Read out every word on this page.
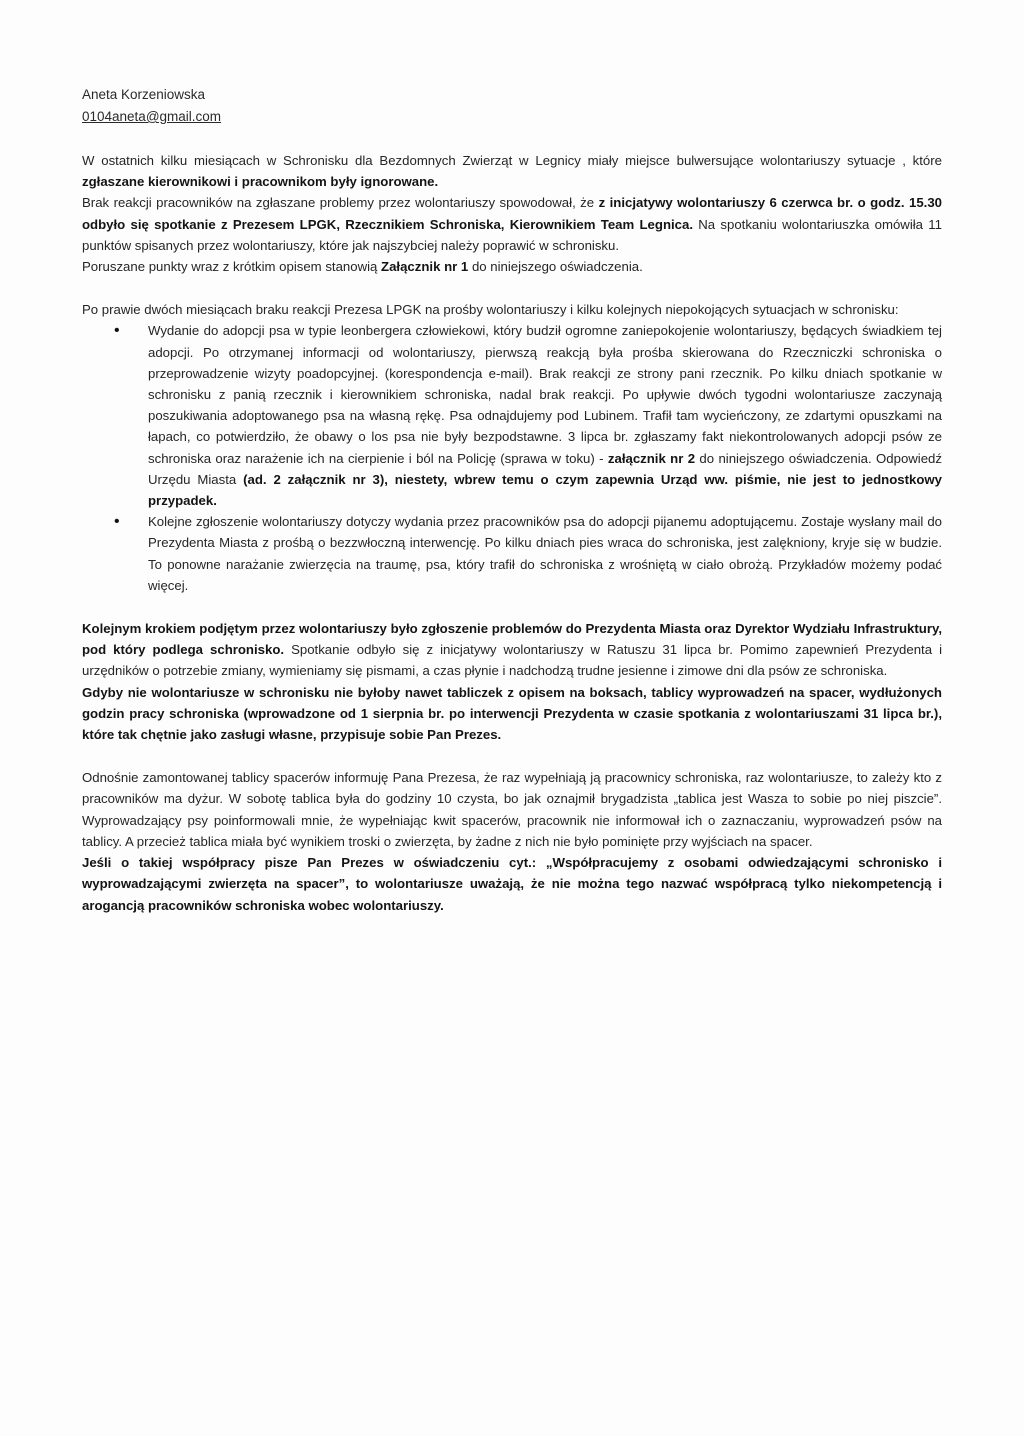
Aneta Korzeniowska
0104aneta@gmail.com

W ostatnich kilku miesiącach w Schronisku dla Bezdomnych Zwierząt w Legnicy miały miejsce bulwersujące wolontariuszy sytuacje , które zgłaszane kierownikowi i pracownikom były ignorowane.

Brak reakcji pracowników na zgłaszane problemy przez wolontariuszy spowodował, że z inicjatywy wolontariuszy 6 czerwca br. o godz. 15.30 odbyło się spotkanie z Prezesem LPGK, Rzecznikiem Schroniska, Kierownikiem Team Legnica. Na spotkaniu wolontariuszka omówiła 11 punktów spisanych przez wolontariuszy, które jak najszybciej należy poprawić w schronisku.

Poruszane punkty wraz z krótkim opisem stanowią Załącznik nr 1 do niniejszego oświadczenia.

Po prawie dwóch miesiącach braku reakcji Prezesa LPGK na prośby wolontariuszy i kilku kolejnych niepokojących sytuacjach w schronisku:

• Wydanie do adopcji psa w typie leonbergera człowiekowi, który budził ogromne zaniepokojenie wolontariuszy, będących świadkiem tej adopcji. Po otrzymanej informacji od wolontariuszy, pierwszą reakcją była prośba skierowana do Rzeczniczki schroniska o przeprowadzenie wizyty poadopcyjnej. (korespondencja e-mail). Brak reakcji ze strony pani rzecznik. Po kilku dniach spotkanie w schronisku z panią rzecznik i kierownikiem schroniska, nadal brak reakcji. Po upływie dwóch tygodni wolontariusze zaczynają poszukiwania adoptowanego psa na własną rękę. Psa odnajdujemy pod Lubinem. Trafił tam wycieńczony, ze zdartymi opuszkami na łapach, co potwierdziło, że obawy o los psa nie były bezpodstawne. 3 lipca br. zgłaszamy fakt niekontrolowanych adopcji psów ze schroniska oraz narażenie ich na cierpienie i ból na Policję (sprawa w toku) - załącznik nr 2 do niniejszego oświadczenia. Odpowiedź Urzędu Miasta (ad. 2 załącznik nr 3), niestety, wbrew temu o czym zapewnia Urząd ww. piśmie, nie jest to jednostkowy przypadek.
• Kolejne zgłoszenie wolontariuszy dotyczy wydania przez pracowników psa do adopcji pijanemu adoptującemu. Zostaje wysłany mail do Prezydenta Miasta z prośbą o bezzwłoczną interwencję. Po kilku dniach pies wraca do schroniska, jest zalękniony, kryje się w budzie. To ponowne narażanie zwierzęcia na traumę, psa, który trafił do schroniska z wrośniętą w ciało obrożą. Przykładów możemy podać więcej.

Kolejnym krokiem podjętym przez wolontariuszy było zgłoszenie problemów do Prezydenta Miasta oraz Dyrektor Wydziału Infrastruktury, pod który podlega schronisko. Spotkanie odbyło się z inicjatywy wolontariuszy w Ratuszu 31 lipca br. Pomimo zapewnień Prezydenta i urzędników o potrzebie zmiany, wymieniamy się pismami, a czas płynie i nadchodzą trudne jesienne i zimowe dni dla psów ze schroniska.

Gdyby nie wolontariusze w schronisku nie byłoby nawet tabliczek z opisem na boksach, tablicy wyprowadzeń na spacer, wydłużonych godzin pracy schroniska (wprowadzone od 1 sierpnia br. po interwencji Prezydenta w czasie spotkania z wolontariuszami 31 lipca br.), które tak chętnie jako zasługi własne, przypisuje sobie Pan Prezes.

Odnośnie zamontowanej tablicy spacerów informuję Pana Prezesa, że raz wypełniają ją pracownicy schroniska, raz wolontariusze, to zależy kto z pracowników ma dyżur. W sobotę tablica była do godziny 10 czysta, bo jak oznajmił brygadzista „tablica jest Wasza to sobie po niej piszcie”. Wyprowadzający psy poinformowali mnie, że wypełniając kwit spacerów, pracownik nie informował ich o zaznaczaniu, wyprowadzeń psów na tablicy. A przecież tablica miała być wynikiem troski o zwierzęta, by żadne z nich nie było pominięte przy wyjściach na spacer.

Jeśli o takiej współpracy pisze Pan Prezes w oświadczeniu cyt.: „Współpracujemy z osobami odwiedzającymi schronisko i wyprowadzającymi zwierzęta na spacer”, to wolontariusze uważają, że nie można tego nazwać współpracą tylko niekompetencją i arogancją pracowników schroniska wobec wolontariuszy.
